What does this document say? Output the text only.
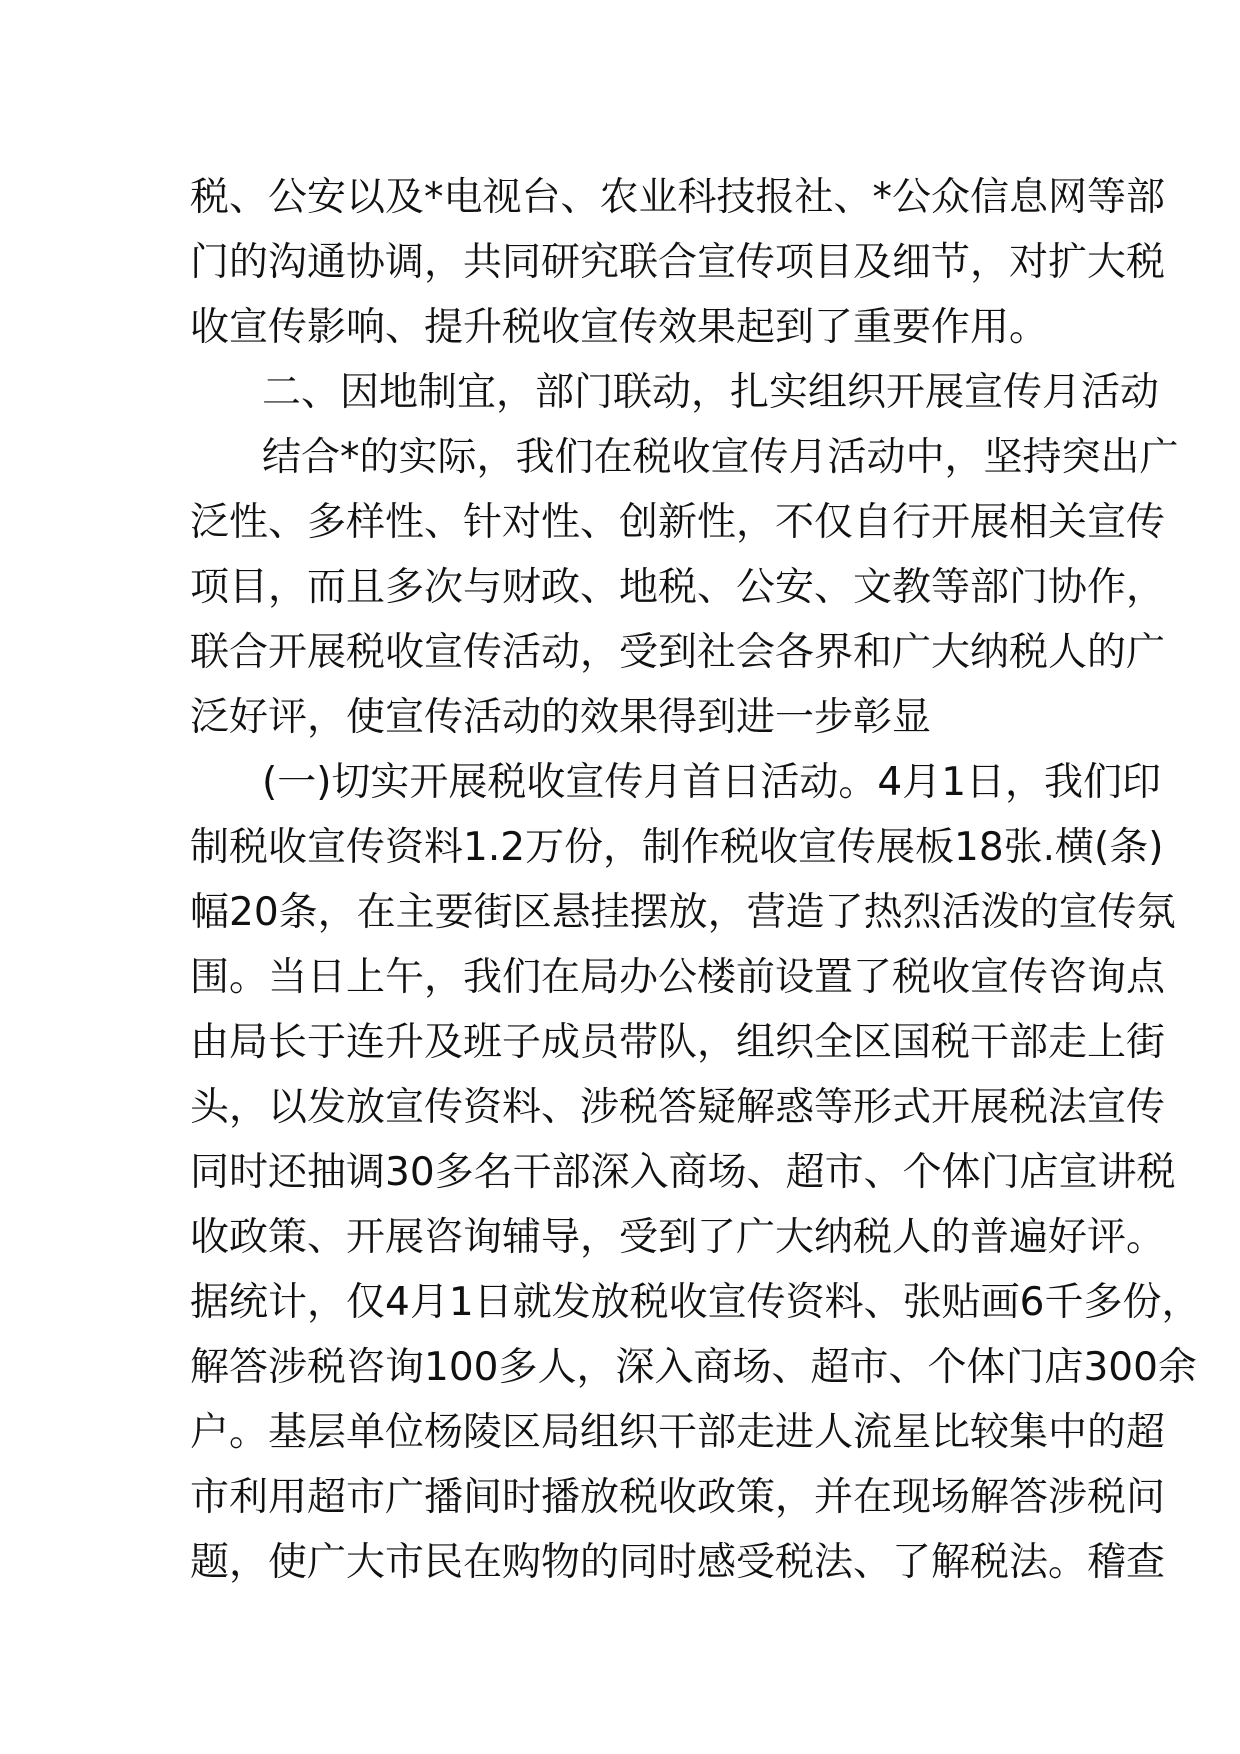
税、公安以及*电视台、农业科技报社、*公众信息网等部
门的沟通协调，共同研究联合宣传项目及细节，对扩大税
收宣传影响、提升税收宣传效果起到了重要作用。
二、因地制宜，部门联动，扎实组织开展宣传月活动
结合*的实际，我们在税收宣传月活动中，坚持突出广
泛性、多样性、针对性、创新性，不仅自行开展相关宣传
项目，而且多次与财政、地税、公安、文教等部门协作，
联合开展税收宣传活动，受到社会各界和广大纳税人的广
泛好评，使宣传活动的效果得到进一步彰显
(一)切实开展税收宣传月首日活动。4月1日，我们印
制税收宣传资料1.2万份，制作税收宣传展板18张.横(条)
幅20条，在主要街区悬挂摆放，营造了热烈活泼的宣传氛
围。当日上午，我们在局办公楼前设置了税收宣传咨询点
由局长于连升及班子成员带队，组织全区国税干部走上街
头，以发放宣传资料、涉税答疑解惑等形式开展税法宣传
同时还抽调30多名干部深入商场、超市、个体门店宣讲税
收政策、开展咨询辅导，受到了广大纳税人的普遍好评。
据统计，仅4月1日就发放税收宣传资料、张贴画6千多份，
解答涉税咨询100多人，深入商场、超市、个体门店300余
户。基层单位杨陵区局组织干部走进人流星比较集中的超
市利用超市广播间时播放税收政策，并在现场解答涉税问
题，使广大市民在购物的同时感受税法、了解税法。稽查
